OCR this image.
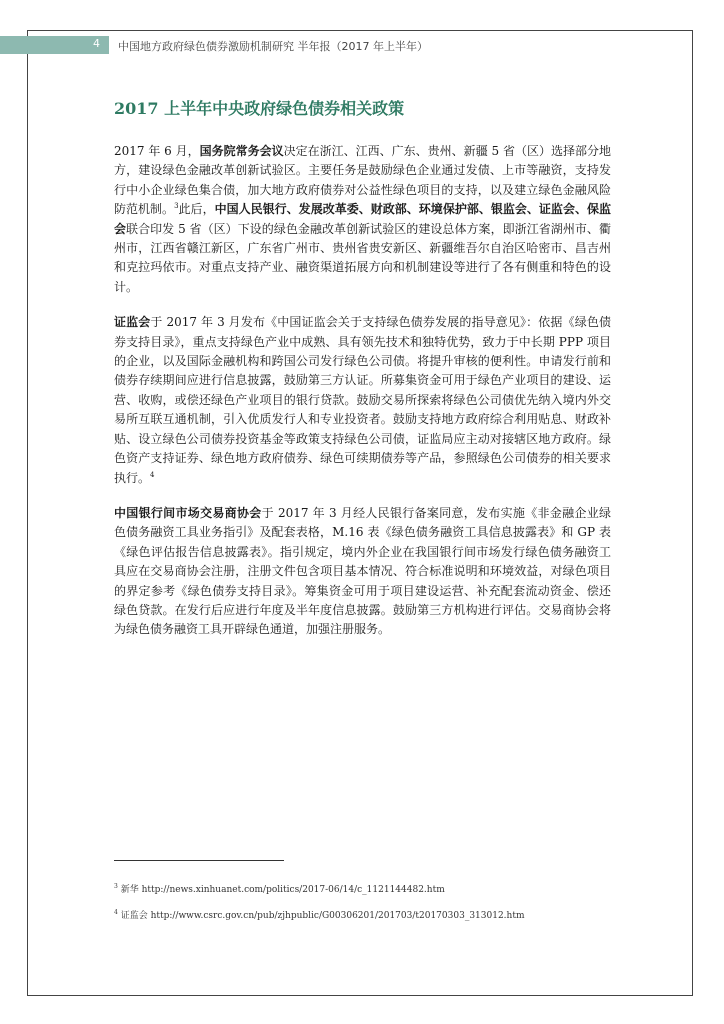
4 中国地方政府绿色债券激励机制研究 半年报（2017 年上半年）
2017 上半年中央政府绿色债券相关政策

2017 年 6 月，国务院常务会议决定在浙江、江西、广东、贵州、新疆 5 省（区）选择部分地方，建设绿色金融改革创新试验区。主要任务是鼓励绿色企业通过发债、上市等融资，支持发行中小企业绿色集合债，加大地方政府债券对公益性绿色项目的支持，以及建立绿色金融风险防范机制。$^3$此后，中国人民银行、发展改革委、财政部、环境保护部、银监会、证监会、保监会联合印发 5 省（区）下设的绿色金融改革创新试验区的建设总体方案，即浙江省湖州市、衢州市，江西省赣江新区，广东省广州市、贵州省贵安新区、新疆维吾尔自治区哈密市、昌吉州和克拉玛依市。对重点支持产业、融资渠道拓展方向和机制建设等进行了各有侧重和特色的设计。

证监会于 2017 年 3 月发布《中国证监会关于支持绿色债券发展的指导意见》：依据《绿色债券支持目录》，重点支持绿色产业中成熟、具有领先技术和独特优势，致力于中长期 PPP 项目的企业，以及国际金融机构和跨国公司发行绿色公司债。将提升审核的便利性。申请发行前和债券存续期间应进行信息披露，鼓励第三方认证。所募集资金可用于绿色产业项目的建设、运营、收购，或偿还绿色产业项目的银行贷款。鼓励交易所探索将绿色公司债优先纳入境内外交易所互联互通机制，引入优质发行人和专业投资者。鼓励支持地方政府综合利用贴息、财政补贴、设立绿色公司债券投资基金等政策支持绿色公司债，证监局应主动对接辖区地方政府。绿色资产支持证券、绿色地方政府债券、绿色可续期债券等产品，参照绿色公司债券的相关要求执行。$^4$

中国银行间市场交易商协会于 2017 年 3 月经人民银行备案同意，发布实施《非金融企业绿色债务融资工具业务指引》及配套表格，M.16 表《绿色债务融资工具信息披露表》和 GP 表《绿色评估报告信息披露表》。指引规定，境内外企业在我国银行间市场发行绿色债务融资工具应在交易商协会注册，注册文件包含项目基本情况、符合标准说明和环境效益，对绿色项目的界定参考《绿色债券支持目录》。筹集资金可用于项目建设运营、补充配套流动资金、偿还绿色贷款。在发行后应进行年度及半年度信息披露。鼓励第三方机构进行评估。交易商协会将为绿色债务融资工具开辟绿色通道，加强注册服务。

$^3$ 新华 http://news.xinhuanet.com/politics/2017-06/14/c_1121144482.htm
$^4$ 证监会 http://www.csrc.gov.cn/pub/zjhpublic/G00306201/201703/t20170303_313012.htm
